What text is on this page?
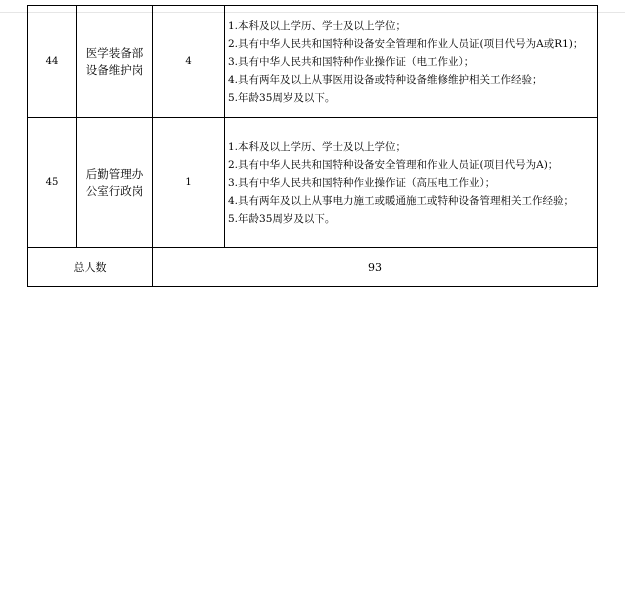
44	医学装备部设备维护岗	4	1.本科及以上学历、学士及以上学位；
2.具有中华人民共和国特种设备安全管理和作业人员证(项目代号为A或R1)；
3.具有中华人民共和国特种作业操作证（电工作业）；
4.具有两年及以上从事医用设备或特种设备维修维护相关工作经验；
5.年龄35周岁及以下。

45	后勤管理办公室行政岗	1	1.本科及以上学历、学士及以上学位；
2.具有中华人民共和国特种设备安全管理和作业人员证(项目代号为A)；
3.具有中华人民共和国特种作业操作证（高压电工作业）；
4.具有两年及以上从事电力施工或暖通施工或特种设备管理相关工作经验；
5.年龄35周岁及以下。

总人数		93	
